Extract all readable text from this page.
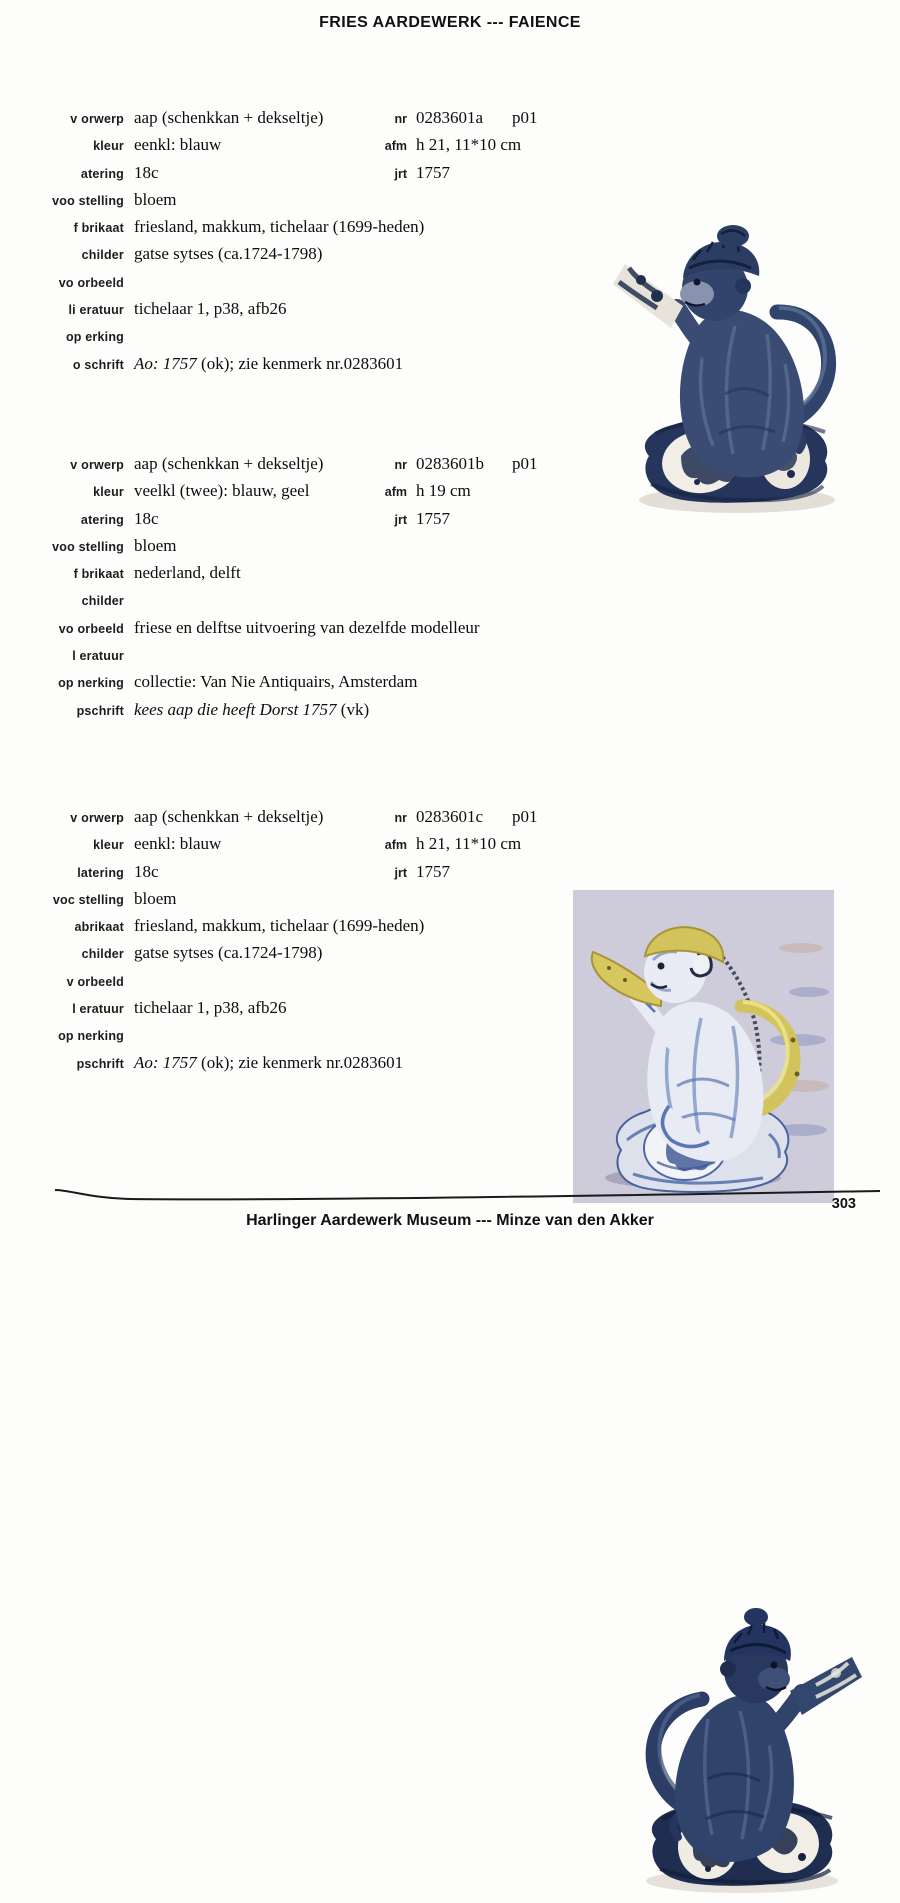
FRIES AARDEWERK --- FAIENCE
v orwerp aap (schenkkan + dekseltje)
kleur eenkl: blauw
atering 18c
voo stelling bloem
f brikaat friesland, makkum, tichelaar (1699-heden)
childer gatse sytses (ca.1724-1798)
vo orbeeld
li eratuur tichelaar 1, p38, afb26
op erking
o schrift Ao: 1757 (ok); zie kenmerk nr.0283601
nr 0283601a p01
afm h 21, 11*10 cm
jrt 1757
v orwerp aap (schenkkan + dekseltje)
kleur veelkl (twee): blauw, geel
atering 18c
voo stelling bloem
f brikaat nederland, delft
childer
vo orbeeld friese en delftse uitvoering van dezelfde modelleur
l eratuur
op nerking collectie: Van Nie Antiquairs, Amsterdam
pschrift kees aap die heeft Dorst 1757 (vk)
nr 0283601b p01
afm h 19 cm
jrt 1757
v orwerp aap (schenkkan + dekseltje)
kleur eenkl: blauw
latering 18c
voc stelling bloem
abrikaat friesland, makkum, tichelaar (1699-heden)
childer gatse sytses (ca.1724-1798)
v orbeeld
l eratuur tichelaar 1, p38, afb26
op nerking
pschrift Ao: 1757 (ok); zie kenmerk nr.0283601
nr 0283601c p01
afm h 21, 11*10 cm
jrt 1757
303
Harlinger Aardewerk Museum --- Minze van den Akker
